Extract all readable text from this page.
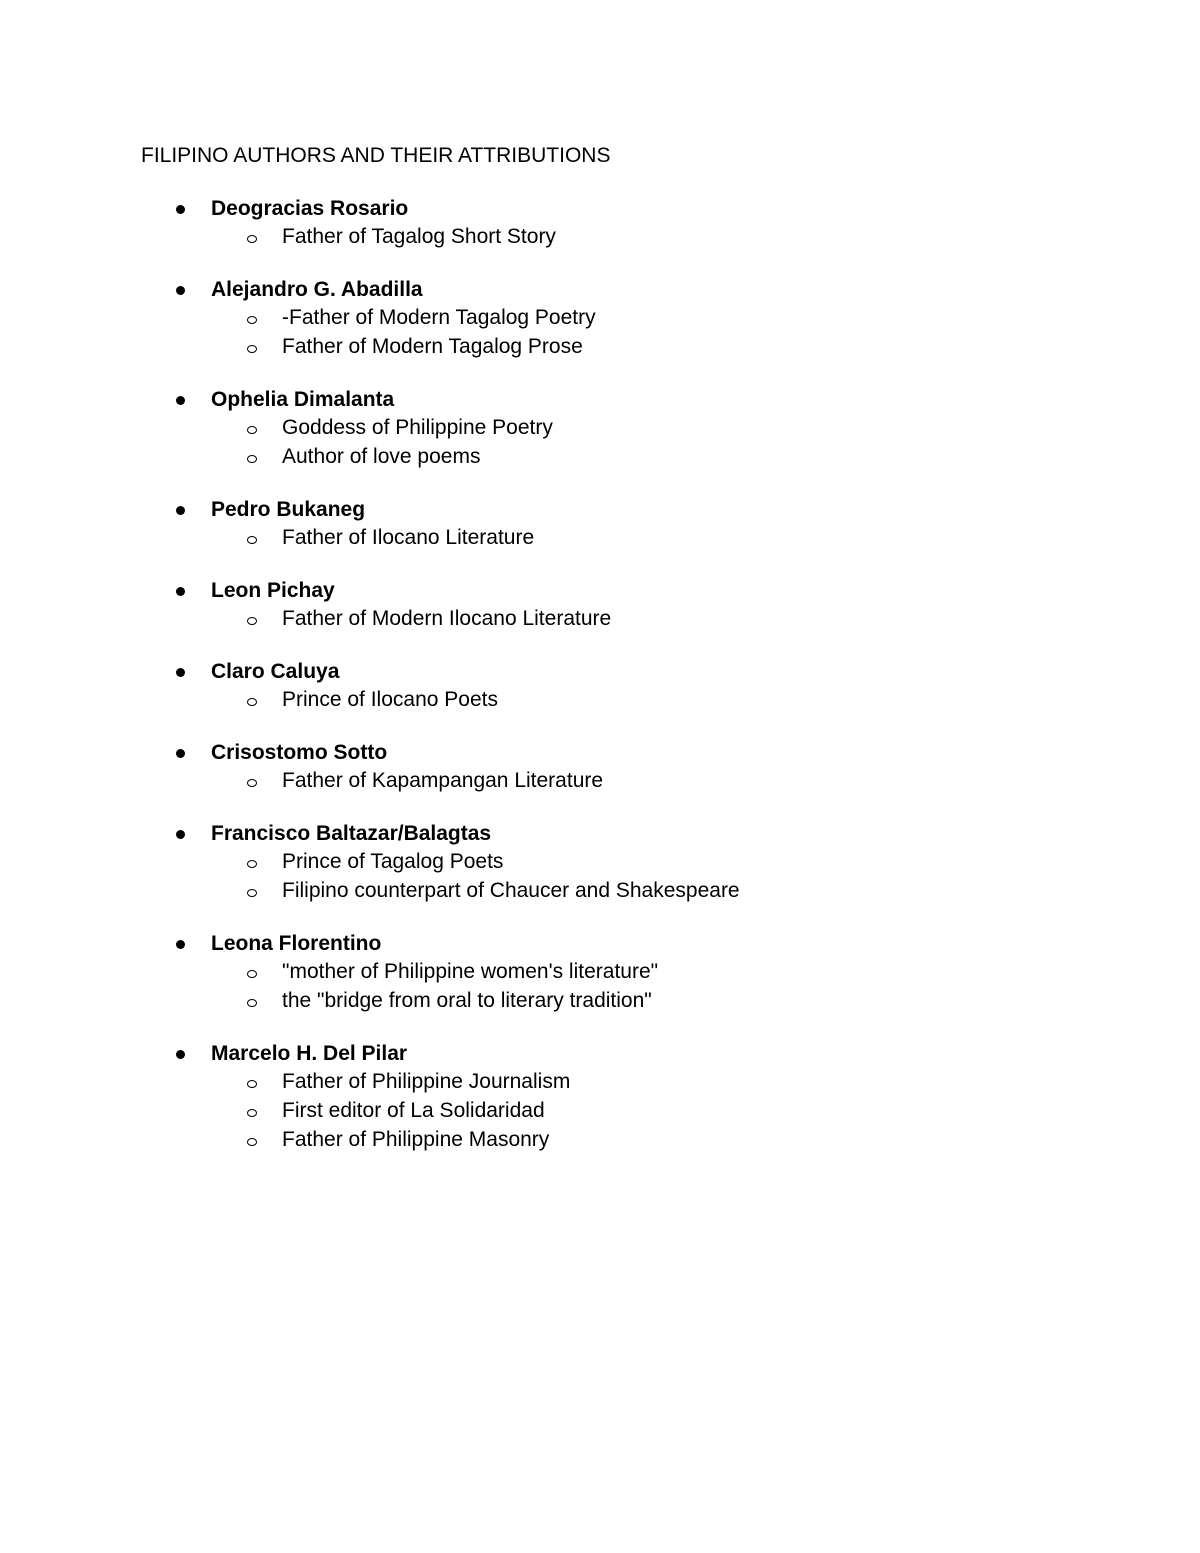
FILIPINO AUTHORS AND THEIR ATTRIBUTIONS
Deogracias Rosario
Father of Tagalog Short Story
Alejandro G. Abadilla
-Father of Modern Tagalog Poetry
Father of Modern Tagalog Prose
Ophelia Dimalanta
Goddess of Philippine Poetry
Author of love poems
Pedro Bukaneg
Father of Ilocano Literature
Leon Pichay
Father of Modern Ilocano Literature
Claro Caluya
Prince of Ilocano Poets
Crisostomo Sotto
Father of Kapampangan Literature
Francisco Baltazar/Balagtas
Prince of Tagalog Poets
Filipino counterpart of Chaucer and Shakespeare
Leona Florentino
"mother of Philippine women's literature"
the "bridge from oral to literary tradition"
Marcelo H. Del Pilar
Father of Philippine Journalism
First editor of La Solidaridad
Father of Philippine Masonry
